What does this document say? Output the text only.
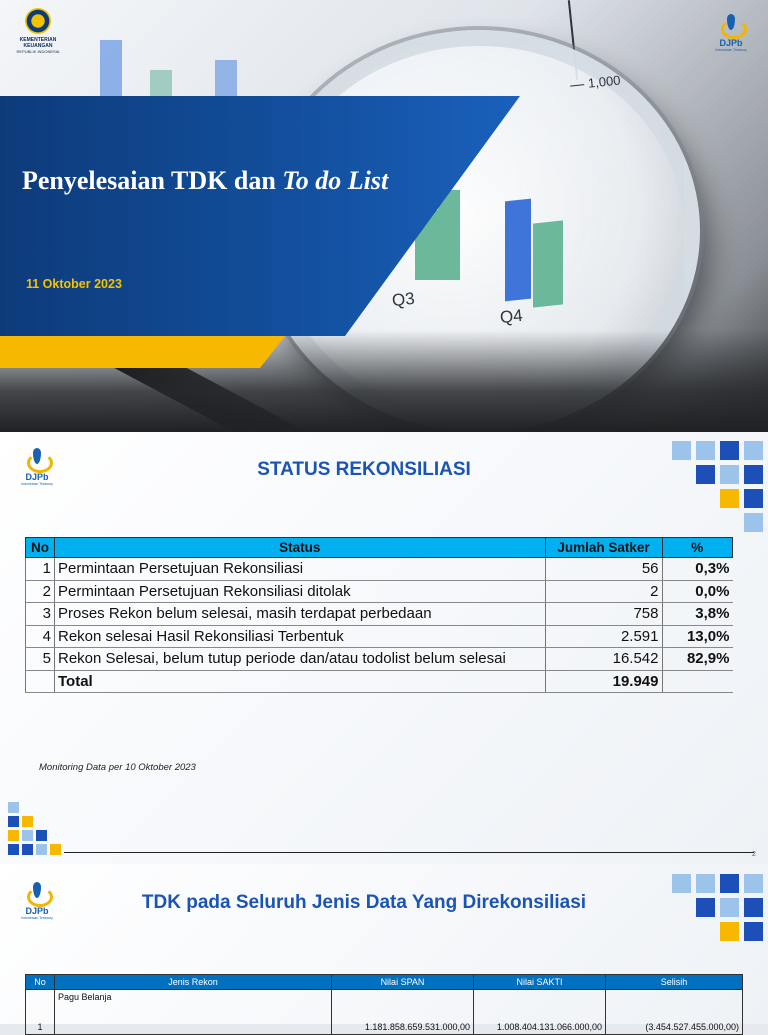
1,000
Q3
Q4
Penyelesaian TDK dan To do List
11 Oktober 2023
KEMENTERIAN KEUANGAN
REPUBLIK INDONESIA
DJPb
Indonesian Treasury
DJPb
Indonesian Treasury
STATUS REKONSILIASI
No	Status	Jumlah Satker	%
1	Permintaan Persetujuan Rekonsiliasi	56	0,3%
2	Permintaan Persetujuan Rekonsiliasi ditolak	2	0,0%
3	Proses Rekon belum selesai, masih terdapat perbedaan	758	3,8%
4	Rekon selesai Hasil Rekonsiliasi Terbentuk	2.591	13,0%
5	Rekon Selesai, belum tutup periode dan/atau todolist belum selesai	16.542	82,9%
	Total	19.949	
Monitoring Data per 10 Oktober 2023
2
DJPb
Indonesian Treasury
TDK pada Seluruh Jenis Data Yang Direkonsiliasi
No	Jenis Rekon	Nilai SPAN	Nilai SAKTI	Selisih
1	Pagu Belanja	1.181.858.659.531.000,00	1.008.404.131.066.000,00	(3.454.527.455.000,00)
